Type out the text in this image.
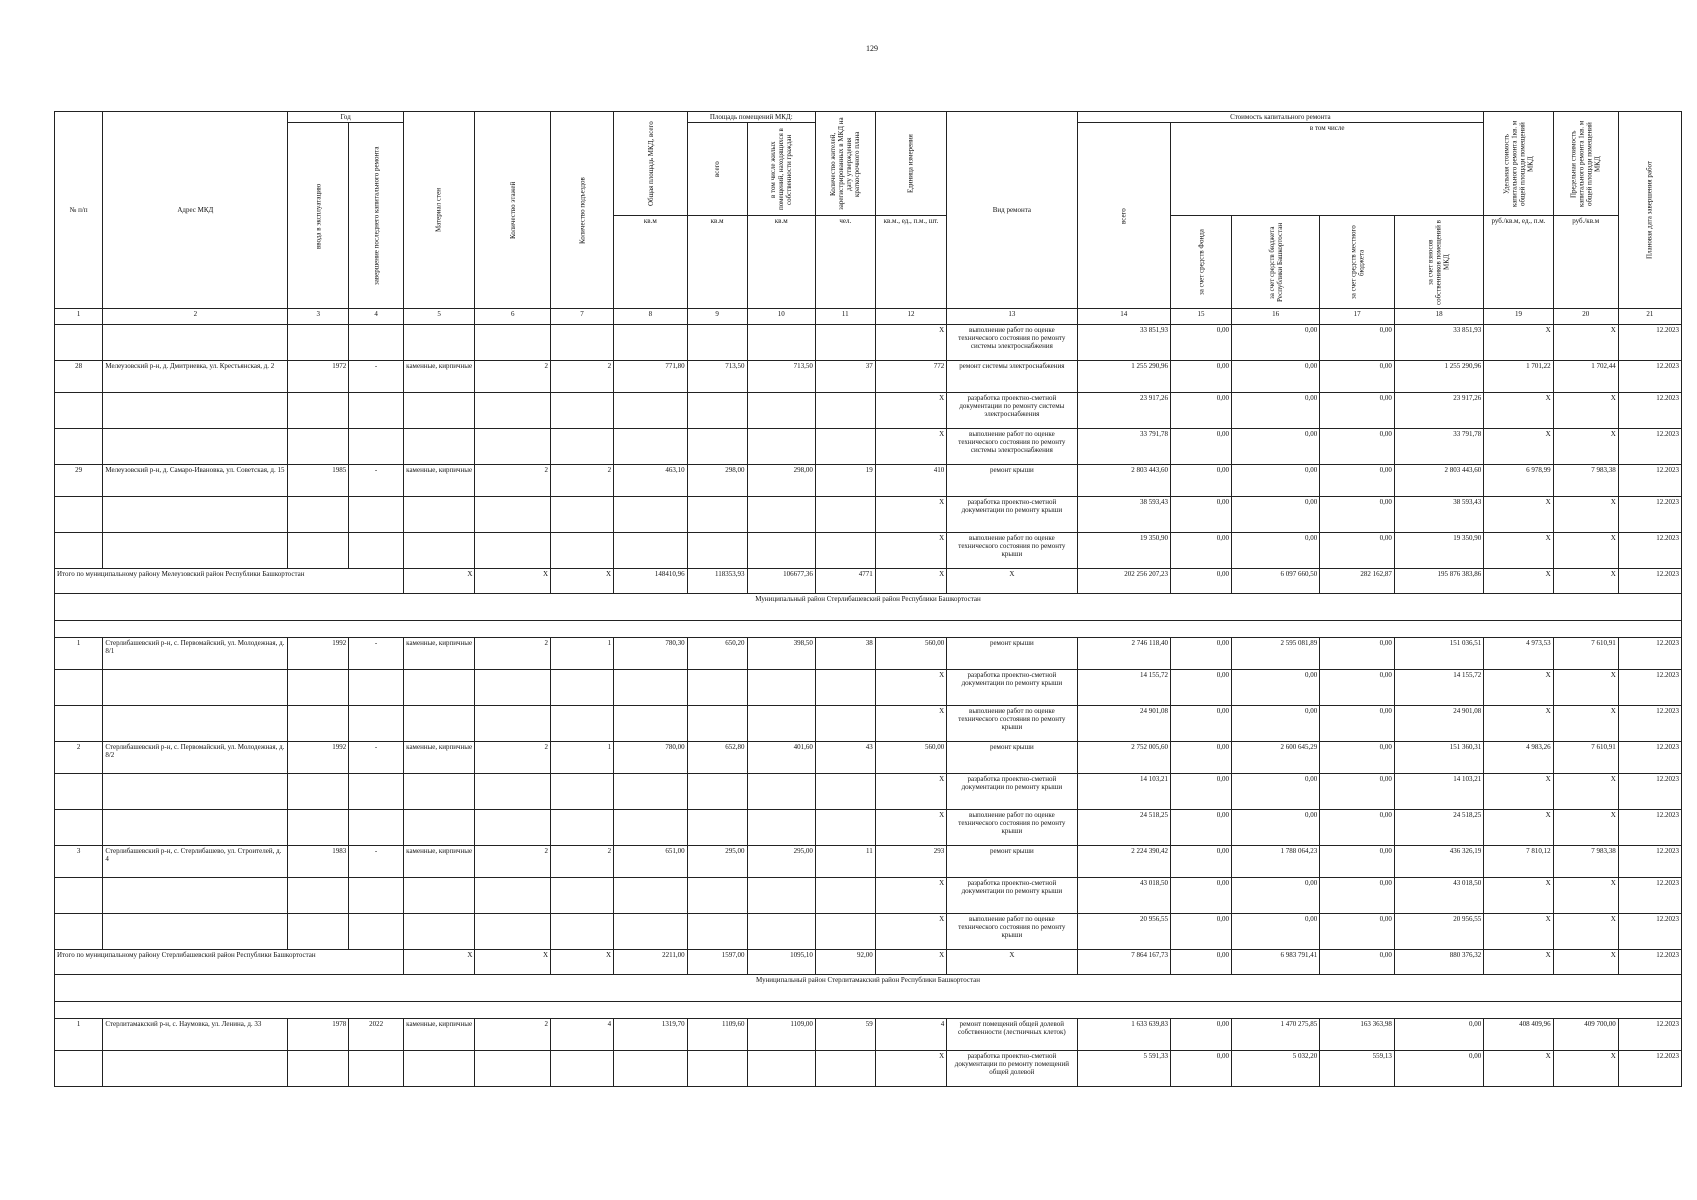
129
№ п/п	Адрес МКД	Год		Материал стен	Количество этажей	Количество подъездов	Общая площадь МКД, всего	Площадь помещений МКД:		Количество жителей, зарегистрированных в МКД на дату утверждения краткосрочного плана	Единица измерения	Вид ремонта	Стоимость капитального ремонта					Удельная стоимость капитального ремонта 1кв. м общей площади помещений МКД	Предельная стоимость капитального ремонта 1кв. м общей площади помещений МКД	Плановая дата завершения работ
		ввода в эксплуатацию	завершение последнего капитального ремонта					всего	в том числе жилых помещений, находящихся в собственности граждан				всего	в том числе						
							кв.м	кв.м	кв.м	чел.	кв.м., ед., п.м., шт.			за счет средств Фонда	за счет средств бюджета Республики Башкортостан	за счет средств местного бюджета	за счет взносов собственников помещений в МКД	руб./кв.м, ед., п.м.	руб./кв.м	
1	2	3	4	5	6	7	8	9	10	11	12	13	14	15	16	17	18	19	20	21
											X	выполнение работ по оценке технического состояния по ремонту системы электроснабжения	33 851,93	0,00	0,00	0,00	33 851,93	X	X	12.2023
28	Мелеузовский р-н, д. Дмитриевка, ул. Крестьянская, д. 2	1972	-	каменные, кирпичные	2	2	771,80	713,50	713,50	37	772	ремонт системы электроснабжения	1 255 290,96	0,00	0,00	0,00	1 255 290,96	1 701,22	1 702,44	12.2023
											X	разработка проектно-сметной документации по ремонту системы электроснабжения	23 917,26	0,00	0,00	0,00	23 917,26	X	X	12.2023
											X	выполнение работ по оценке технического состояния по ремонту системы электроснабжения	33 791,78	0,00	0,00	0,00	33 791,78	X	X	12.2023
29	Мелеузовский р-н, д. Самаро-Ивановка, ул. Советская, д. 15	1985	-	каменные, кирпичные	2	2	463,10	298,00	298,00	19	410	ремонт крыши	2 803 443,60	0,00	0,00	0,00	2 803 443,60	6 978,99	7 983,38	12.2023
											X	разработка проектно-сметной документации по ремонту крыши	38 593,43	0,00	0,00	0,00	38 593,43	X	X	12.2023
											X	выполнение работ по оценке технического состояния по ремонту крыши	19 350,90	0,00	0,00	0,00	19 350,90	X	X	12.2023
Итого по муниципальному району Мелеузовский район Республики Башкортостан				X	X	X	148410,96	118353,93	106677,36	4771	X	X	202 256 207,23	0,00	6 097 660,50	282 162,87	195 876 383,86	X	X	12.2023
Муниципальный район Стерлибашевский район Республики Башкортостан																				

1	Стерлибашевский р-н, с. Первомайский, ул. Молодежная, д. 8/1	1992	-	каменные, кирпичные	2	1	780,30	650,20	398,50	38	560,00	ремонт крыши	2 746 118,40	0,00	2 595 081,89	0,00	151 036,51	4 973,53	7 610,91	12.2023
											X	разработка проектно-сметной документации по ремонту крыши	14 155,72	0,00	0,00	0,00	14 155,72	X	X	12.2023
											X	выполнение работ по оценке технического состояния по ремонту крыши	24 901,08	0,00	0,00	0,00	24 901,08	X	X	12.2023
2	Стерлибашевский р-н, с. Первомайский, ул. Молодежная, д. 8/2	1992	-	каменные, кирпичные	2	1	780,00	652,80	401,60	43	560,00	ремонт крыши	2 752 005,60	0,00	2 600 645,29	0,00	151 360,31	4 983,26	7 610,91	12.2023
											X	разработка проектно-сметной документации по ремонту крыши	14 103,21	0,00	0,00	0,00	14 103,21	X	X	12.2023
											X	выполнение работ по оценке технического состояния по ремонту крыши	24 518,25	0,00	0,00	0,00	24 518,25	X	X	12.2023
3	Стерлибашевский р-н, с. Стерлибашево, ул. Строителей, д. 4	1983	-	каменные, кирпичные	2	2	651,00	295,00	295,00	11	293	ремонт крыши	2 224 390,42	0,00	1 788 064,23	0,00	436 326,19	7 810,12	7 983,38	12.2023
											X	разработка проектно-сметной документации по ремонту крыши	43 018,50	0,00	0,00	0,00	43 018,50	X	X	12.2023
											X	выполнение работ по оценке технического состояния по ремонту крыши	20 956,55	0,00	0,00	0,00	20 956,55	X	X	12.2023
Итого по муниципальному району Стерлибашевский район Республики Башкортостан				X	X	X	2211,00	1597,00	1095,10	92,00	X	X	7 864 167,73	0,00	6 983 791,41	0,00	880 376,32	X	X	12.2023
Муниципальный район Стерлитамакский район Республики Башкортостан																				

1	Стерлитамакский р-н, с. Наумовка, ул. Ленина, д. 33	1978	2022	каменные, кирпичные	2	4	1319,70	1109,60	1109,00	59	4	ремонт помещений общей долевой собственности (лестничных клеток)	1 633 639,83	0,00	1 470 275,85	163 363,98	0,00	408 409,96	409 700,00	12.2023
											X	разработка проектно-сметной документации по ремонту помещений общей долевой	5 591,33	0,00	5 032,20	559,13	0,00	X	X	12.2023
